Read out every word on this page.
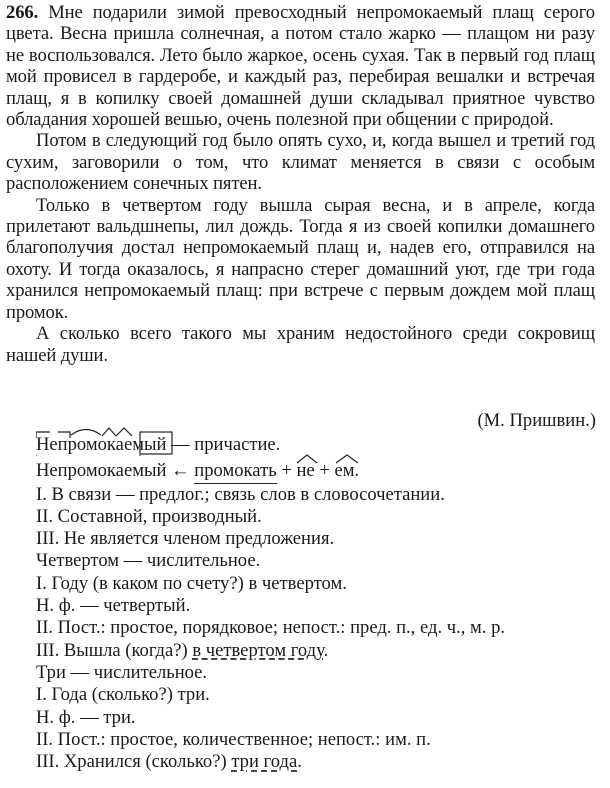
266. Мне подарили зимой превосходный непромокаемый плащ серого цвета. Весна пришла солнечная, а потом стало жарко — плащом ни разу не воспользовался. Лето было жаркое, осень сухая. Так в первый год плащ мой провисел в гардеробе, и каждый раз, перебирая вешалки и встречая плащ, я в копилку своей домашней души складывал приятное чувство обладания хорошей вешью, очень полезной при общении с природой.

Потом в следующий год было опять сухо, и, когда вышел и третий год сухим, заговорили о том, что климат меняется в связи с особым расположением сонечных пятен.

Только в четвертом году вышла сырая весна, и в апреле, когда прилетают вальдшнепы, лил дождь. Тогда я из своей копилки домашнего благополучия достал непромокаемый плащ и, надев его, отправился на охоту. И тогда оказалось, я напрасно стерег домашний уют, где три года хранился непромокаемый плащ: при встрече с первым дождем мой плащ промок.

А сколько всего такого мы храним недостойного среди сокровищ нашей души.

(М. Пришвин.)
Непромокаемый — причастие.
Непромокаемый ← промокать +
не +
ем.
I. В связи — предлог.; связь слов в словосочетании.
II. Составной, производный.
III. Не является членом предложения.
Четвертом — числительное.
I. Году (в каком по счету?) в четвертом.
Н. ф. — четвертый.
II. Пост.: простое, порядковое; непост.: пред. п., ед. ч., м. р.
III. Вышла (когда?) в четвертом году.
Три — числительное.
I. Года (сколько?) три.
Н. ф. — три.
II. Пост.: простое, количественное; непост.: им. п.
III. Хранился (сколько?) три года.
